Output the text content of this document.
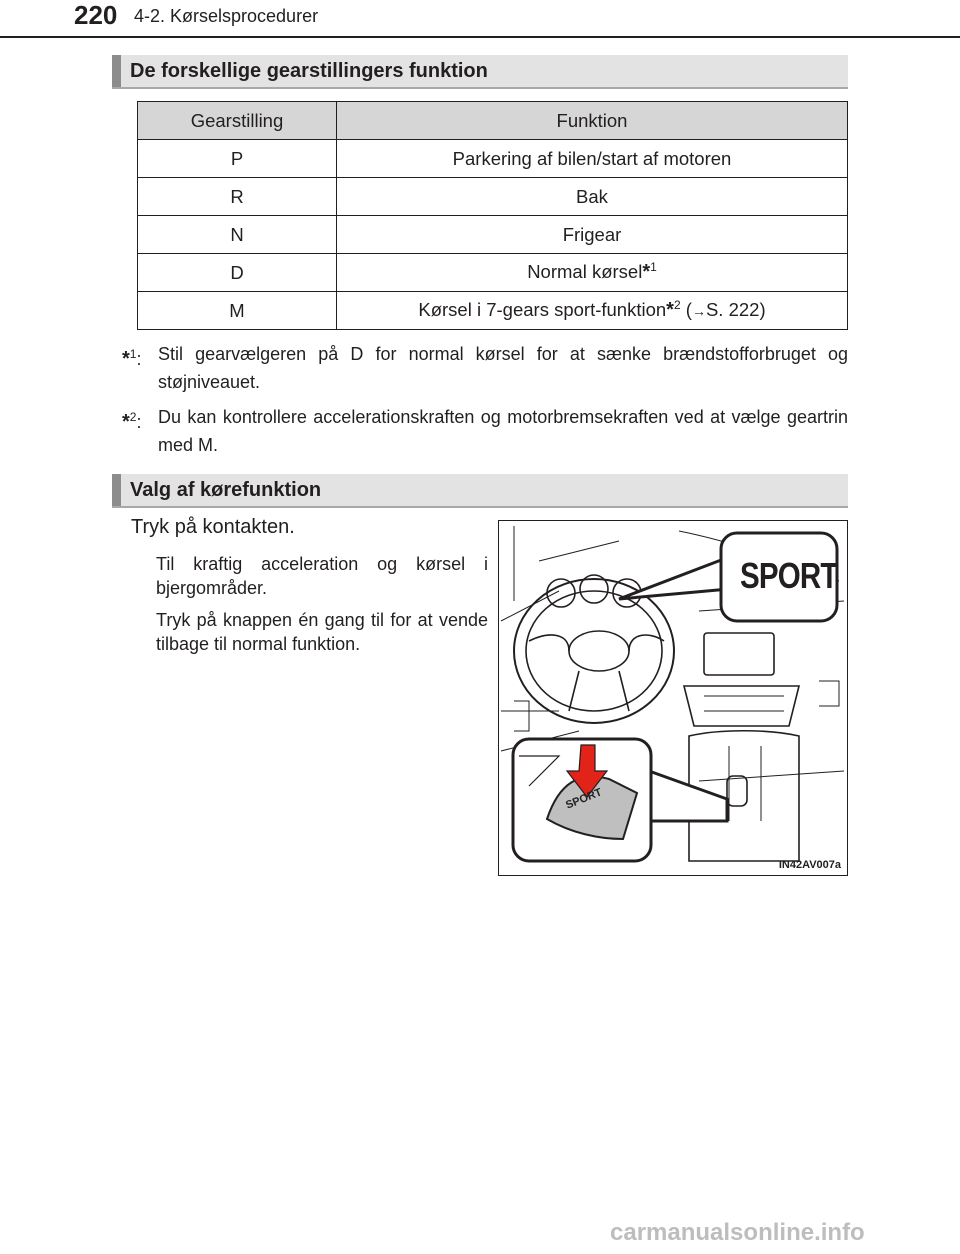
220 4-2. Kørselsprocedurer
De forskellige gearstillingers funktion
Gearstilling	Funktion
P	Parkering af bilen/start af motoren
R	Bak
N	Frigear
D	Normal kørsel*$^1$
M	Kørsel i 7-gears sport-funktion*$^2$ (→S. 222)
*$^1$: Stil gearvælgeren på D for normal kørsel for at sænke brændstofforbruget og støjniveauet.
*$^2$: Du kan kontrollere accelerationskraften og motorbremsekraften ved at vælge geartrin med M.
Valg af kørefunktion
Tryk på kontakten.
Til kraftig acceleration og kørsel i bjergområder.
Tryk på knappen én gang til for at vende tilbage til normal funktion.
SPORT
SPORT
IN42AV007a
carmanualsonline.info
